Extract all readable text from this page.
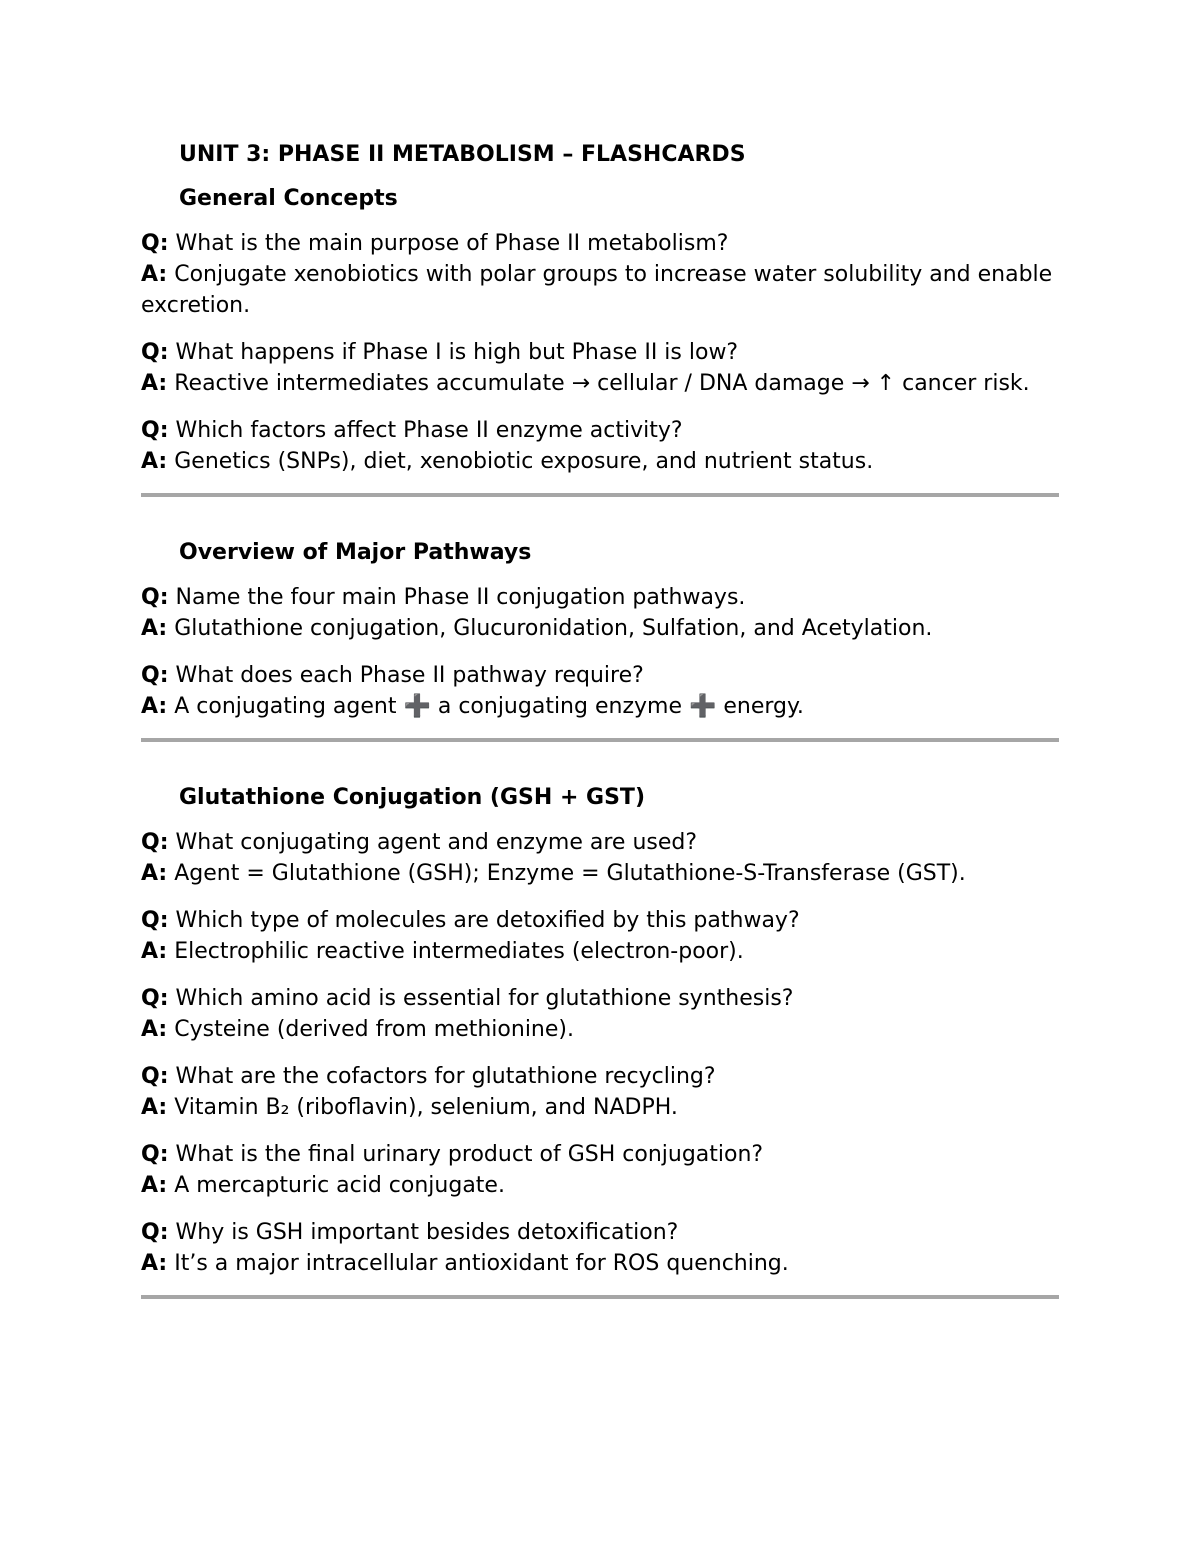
UNIT 3: PHASE II METABOLISM – FLASHCARDS
General Concepts
Q: What is the main purpose of Phase II metabolism?
A: Conjugate xenobiotics with polar groups to increase water solubility and enable excretion.
Q: What happens if Phase I is high but Phase II is low?
A: Reactive intermediates accumulate → cellular / DNA damage → ↑ cancer risk.
Q: Which factors affect Phase II enzyme activity?
A: Genetics (SNPs), diet, xenobiotic exposure, and nutrient status.
Overview of Major Pathways
Q: Name the four main Phase II conjugation pathways.
A: Glutathione conjugation, Glucuronidation, Sulfation, and Acetylation.
Q: What does each Phase II pathway require?
A: A conjugating agent ➕ a conjugating enzyme ➕ energy.
Glutathione Conjugation (GSH + GST)
Q: What conjugating agent and enzyme are used?
A: Agent = Glutathione (GSH); Enzyme = Glutathione-S-Transferase (GST).
Q: Which type of molecules are detoxified by this pathway?
A: Electrophilic reactive intermediates (electron-poor).
Q: Which amino acid is essential for glutathione synthesis?
A: Cysteine (derived from methionine).
Q: What are the cofactors for glutathione recycling?
A: Vitamin B₂ (riboflavin), selenium, and NADPH.
Q: What is the final urinary product of GSH conjugation?
A: A mercapturic acid conjugate.
Q: Why is GSH important besides detoxification?
A: It’s a major intracellular antioxidant for ROS quenching.
